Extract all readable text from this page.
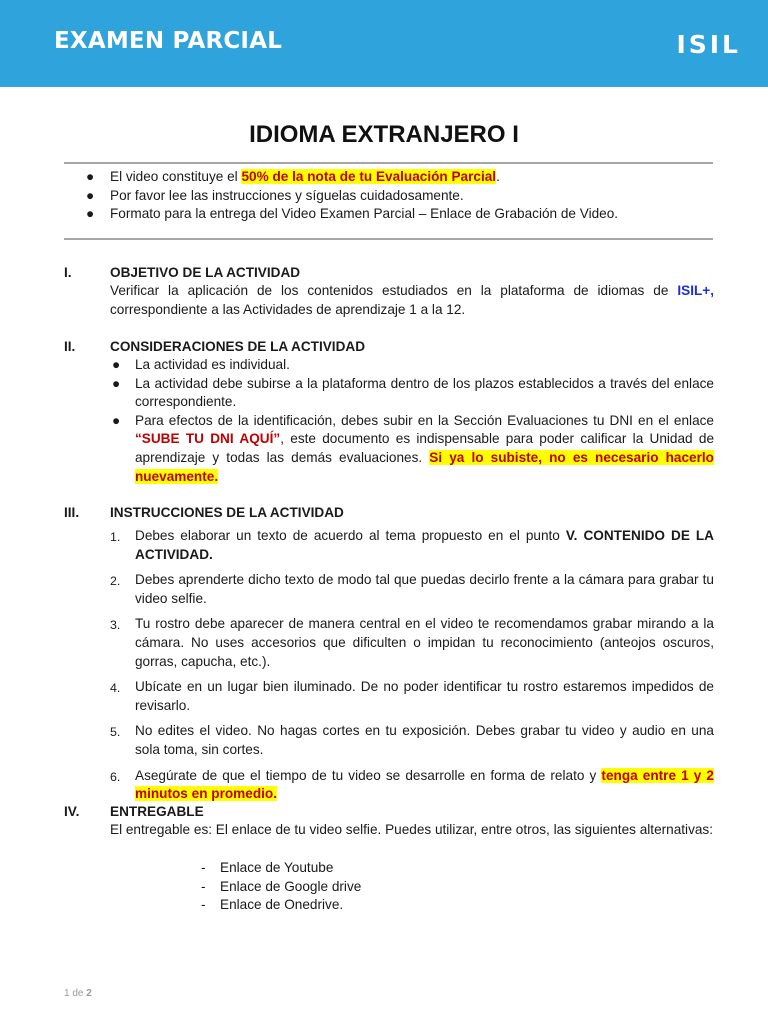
EXAMEN PARCIAL	ISIL
IDIOMA EXTRANJERO I
● El video constituye el 50% de la nota de tu Evaluación Parcial.
● Por favor lee las instrucciones y síguelas cuidadosamente.
● Formato para la entrega del Video Examen Parcial – Enlace de Grabación de Video.
I.	OBJETIVO DE LA ACTIVIDAD
Verificar la aplicación de los contenidos estudiados en la plataforma de idiomas de ISIL+, correspondiente a las Actividades de aprendizaje 1 a la 12.
II.	CONSIDERACIONES DE LA ACTIVIDAD
● La actividad es individual.
● La actividad debe subirse a la plataforma dentro de los plazos establecidos a través del enlace correspondiente.
● Para efectos de la identificación, debes subir en la Sección Evaluaciones tu DNI en el enlace “SUBE TU DNI AQUÍ”, este documento es indispensable para poder calificar la Unidad de aprendizaje y todas las demás evaluaciones. Si ya lo subiste, no es necesario hacerlo nuevamente.
III. INSTRUCCIONES DE LA ACTIVIDAD
1. Debes elaborar un texto de acuerdo al tema propuesto en el punto V. CONTENIDO DE LA ACTIVIDAD.
2. Debes aprenderte dicho texto de modo tal que puedas decirlo frente a la cámara para grabar tu video selfie.
3. Tu rostro debe aparecer de manera central en el video te recomendamos grabar mirando a la cámara. No uses accesorios que dificulten o impidan tu reconocimiento (anteojos oscuros, gorras, capucha, etc.).
4. Ubícate en un lugar bien iluminado. De no poder identificar tu rostro estaremos impedidos de revisarlo.
5. No edites el video. No hagas cortes en tu exposición. Debes grabar tu video y audio en una sola toma, sin cortes.
6. Asegúrate de que el tiempo de tu video se desarrolle en forma de relato y tenga entre 1 y 2 minutos en promedio.
IV. ENTREGABLE
El entregable es: El enlace de tu video selfie. Puedes utilizar, entre otros, las siguientes alternativas:
- Enlace de Youtube
- Enlace de Google drive
- Enlace de Onedrive.
1 de 2
